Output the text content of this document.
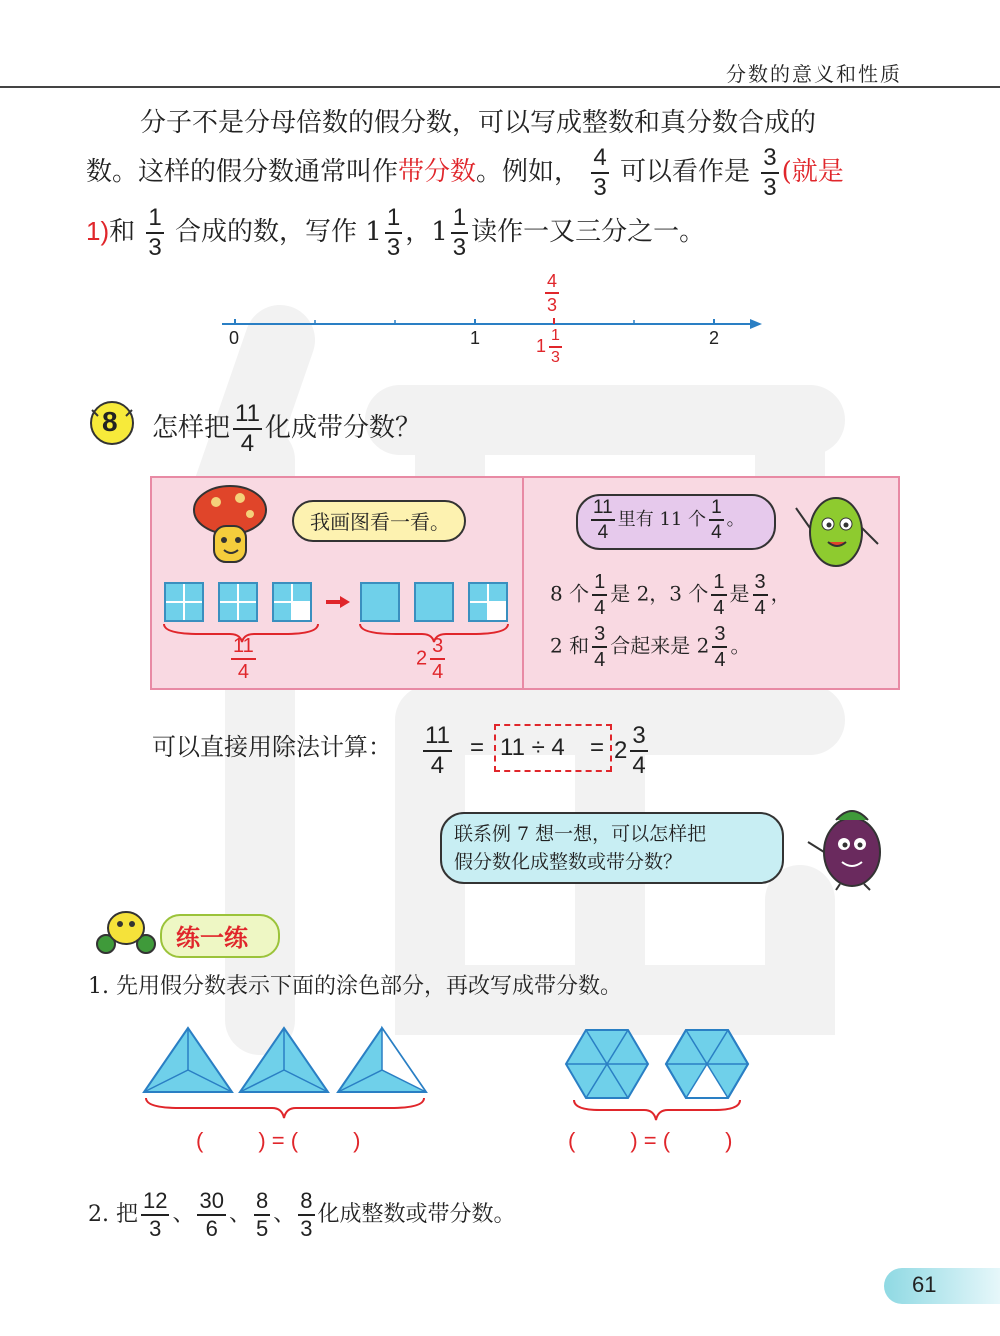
分数的意义和性质
分子不是分母倍数的假分数，可以写成整数和真分数合成的
数。这样的假分数通常叫作带分数。例如， $\frac{4}{3}$ 可以看作是 $\frac{3}{3}$ (就是
1)和 $\frac{1}{3}$ 合成的数，写作 $1 \frac{1}{3}$ ，$1 \frac{1}{3}$ 读作一又三分之一。
0	1	2
$\frac{4}{3}$
$1 \frac{1}{3}$
8 怎样把 $\frac{11}{4}$ 化成带分数？
我画图看一看。
$\frac{11}{4}$	$2 \frac{3}{4}$
$\frac{11}{4}$ 里有 11 个 $\frac{1}{4}$ 。
8 个 $\frac{1}{4}$ 是 2，3 个 $\frac{1}{4}$ 是 $\frac{3}{4}$ ，
2 和 $\frac{3}{4}$ 合起来是 $2 \frac{3}{4}$ 。
可以直接用除法计算： $\frac{11}{4} = 11 \div 4 = 2 \frac{3}{4}$
联系例 7 想一想，可以怎样把
假分数化成整数或带分数？
练一练
1. 先用假分数表示下面的涂色部分，再改写成带分数。
(         ) = (         )	(         ) = (         )
2. 把 $\frac{12}{3}$ 、 $\frac{30}{6}$ 、 $\frac{8}{5}$ 、 $\frac{8}{3}$ 化成整数或带分数。
61
